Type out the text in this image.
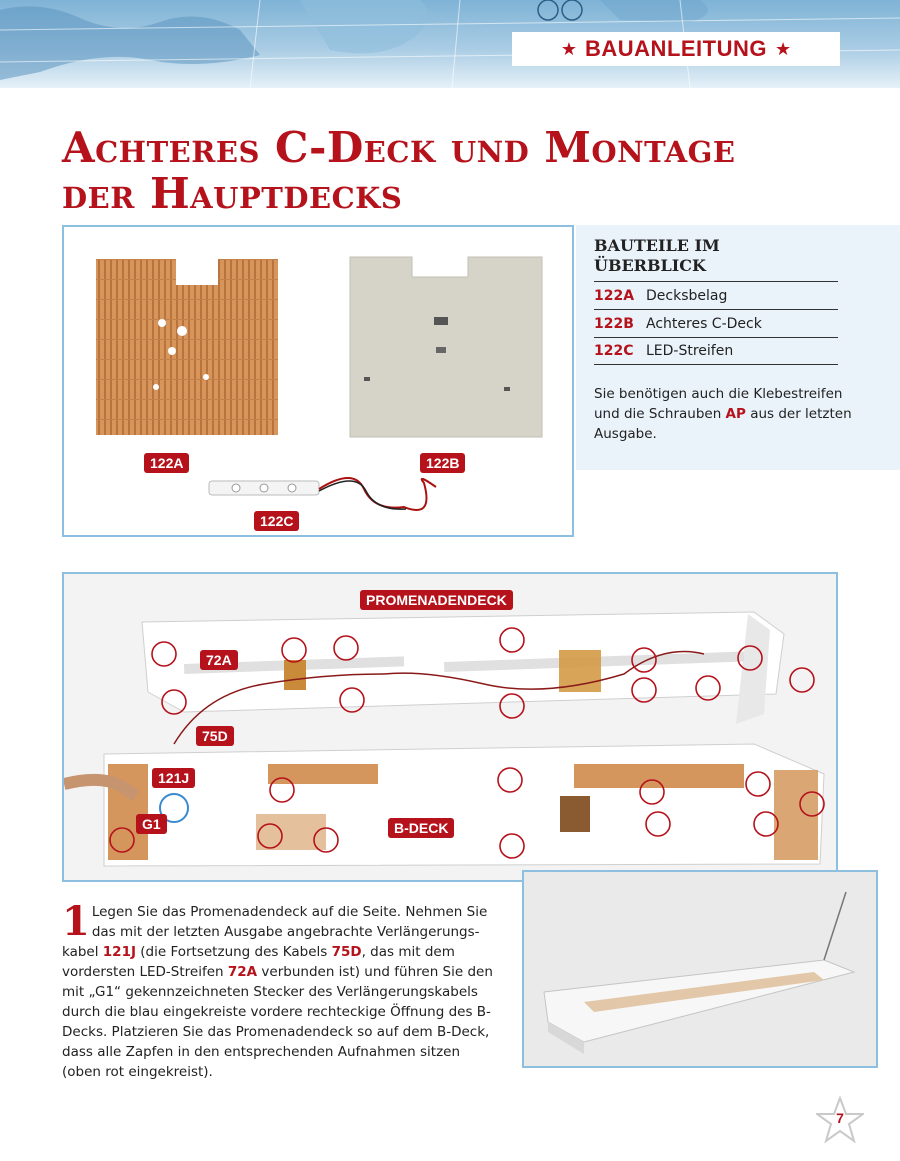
★ BAUANLEITUNG ★
Achteres C-Deck und Montage
der Hauptdecks
122A	122B
122C
BAUTEILE IM
ÜBERBLICK
122A Decksbelag
122B Achteres C-Deck
122C LED-Streifen
Sie benötigen auch die Klebestreifen und die Schrauben AP aus der letzten Ausgabe.
PROMENADENDECK
72A
75D
121J
G1	B-DECK
1 Legen Sie das Promenadendeck auf die Seite. Nehmen Sie das mit der letzten Ausgabe angebrachte Verlängerungskabel 121J (die Fortsetzung des Kabels 75D, das mit dem vordersten LED-Streifen 72A verbunden ist) und führen Sie den mit „G1“ gekennzeichneten Stecker des Verlängerungskabels durch die blau eingekreiste vordere rechteckige Öffnung des B-Decks. Platzieren Sie das Promenadendeck so auf dem B-Deck, dass alle Zapfen in den entsprechenden Aufnahmen sitzen (oben rot eingekreist).
7
